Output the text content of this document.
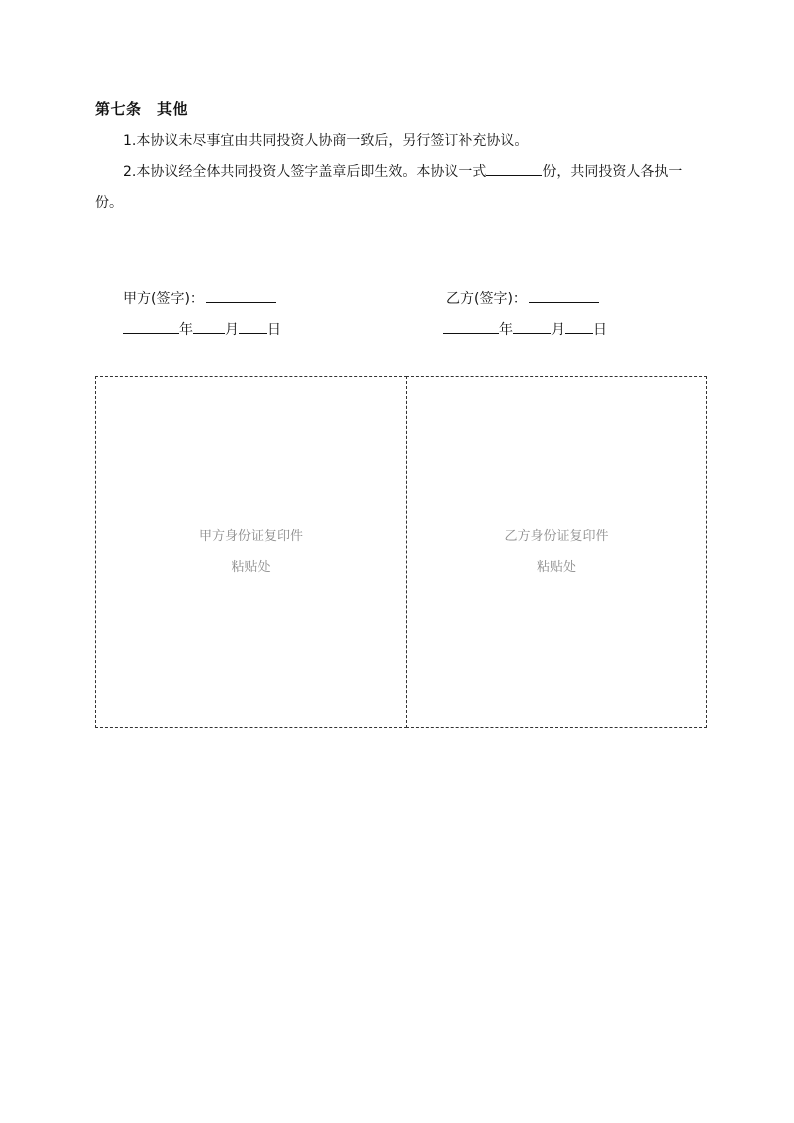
第七条　其他

1.本协议未尽事宜由共同投资人协商一致后，另行签订补充协议。

2.本协议经全体共同投资人签字盖章后即生效。本协议一式	份，共同投资人各执一份。

甲方(签字)：	乙方(签字)：
年 月 日	年	月 日
甲方身份证复印件
粘贴处
乙方身份证复印件
粘贴处
